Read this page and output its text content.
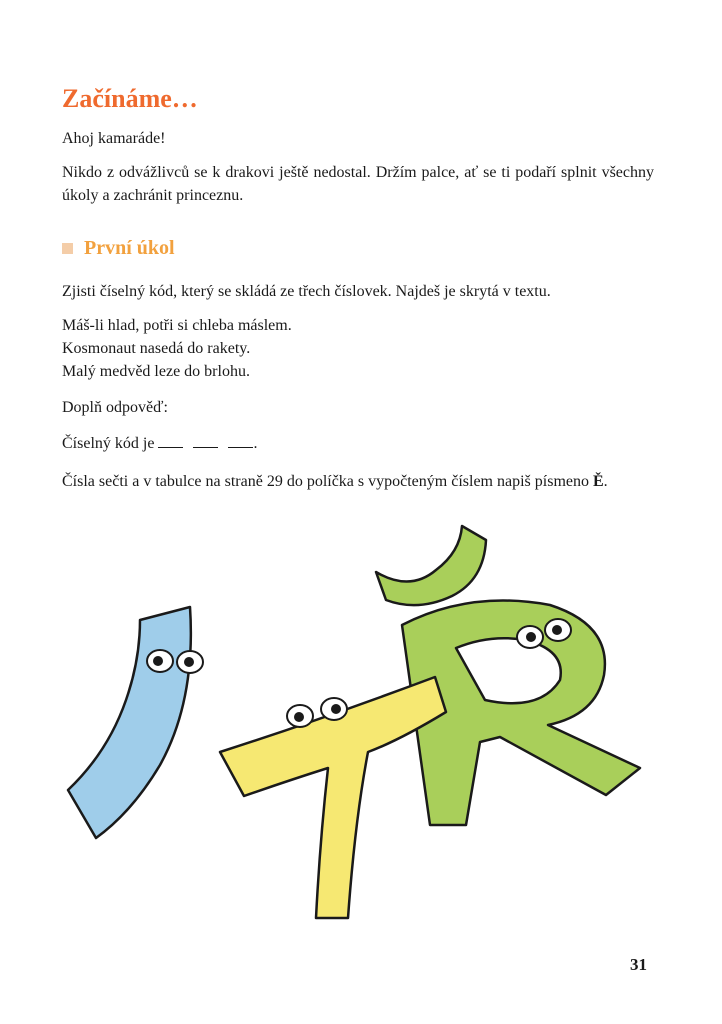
Začínáme…

Ahoj kamaráde!

Nikdo z odvážlivců se k drakovi ještě nedostal. Držím palce, ať se ti podaří splnit všechny úkoly a zachránit princeznu.

První úkol

Zjisti číselný kód, který se skládá ze třech číslovek. Najdeš je skrytá v textu.

Máš-li hlad, potři si chleba máslem.
Kosmonaut nasedá do rakety.
Malý medvěd leze do brlohu.

Doplň odpověď:

Číselný kód je	.

Čísla sečti a v tabulce na straně 29 do políčka s vypočteným číslem napiš písmeno Ě.

31
